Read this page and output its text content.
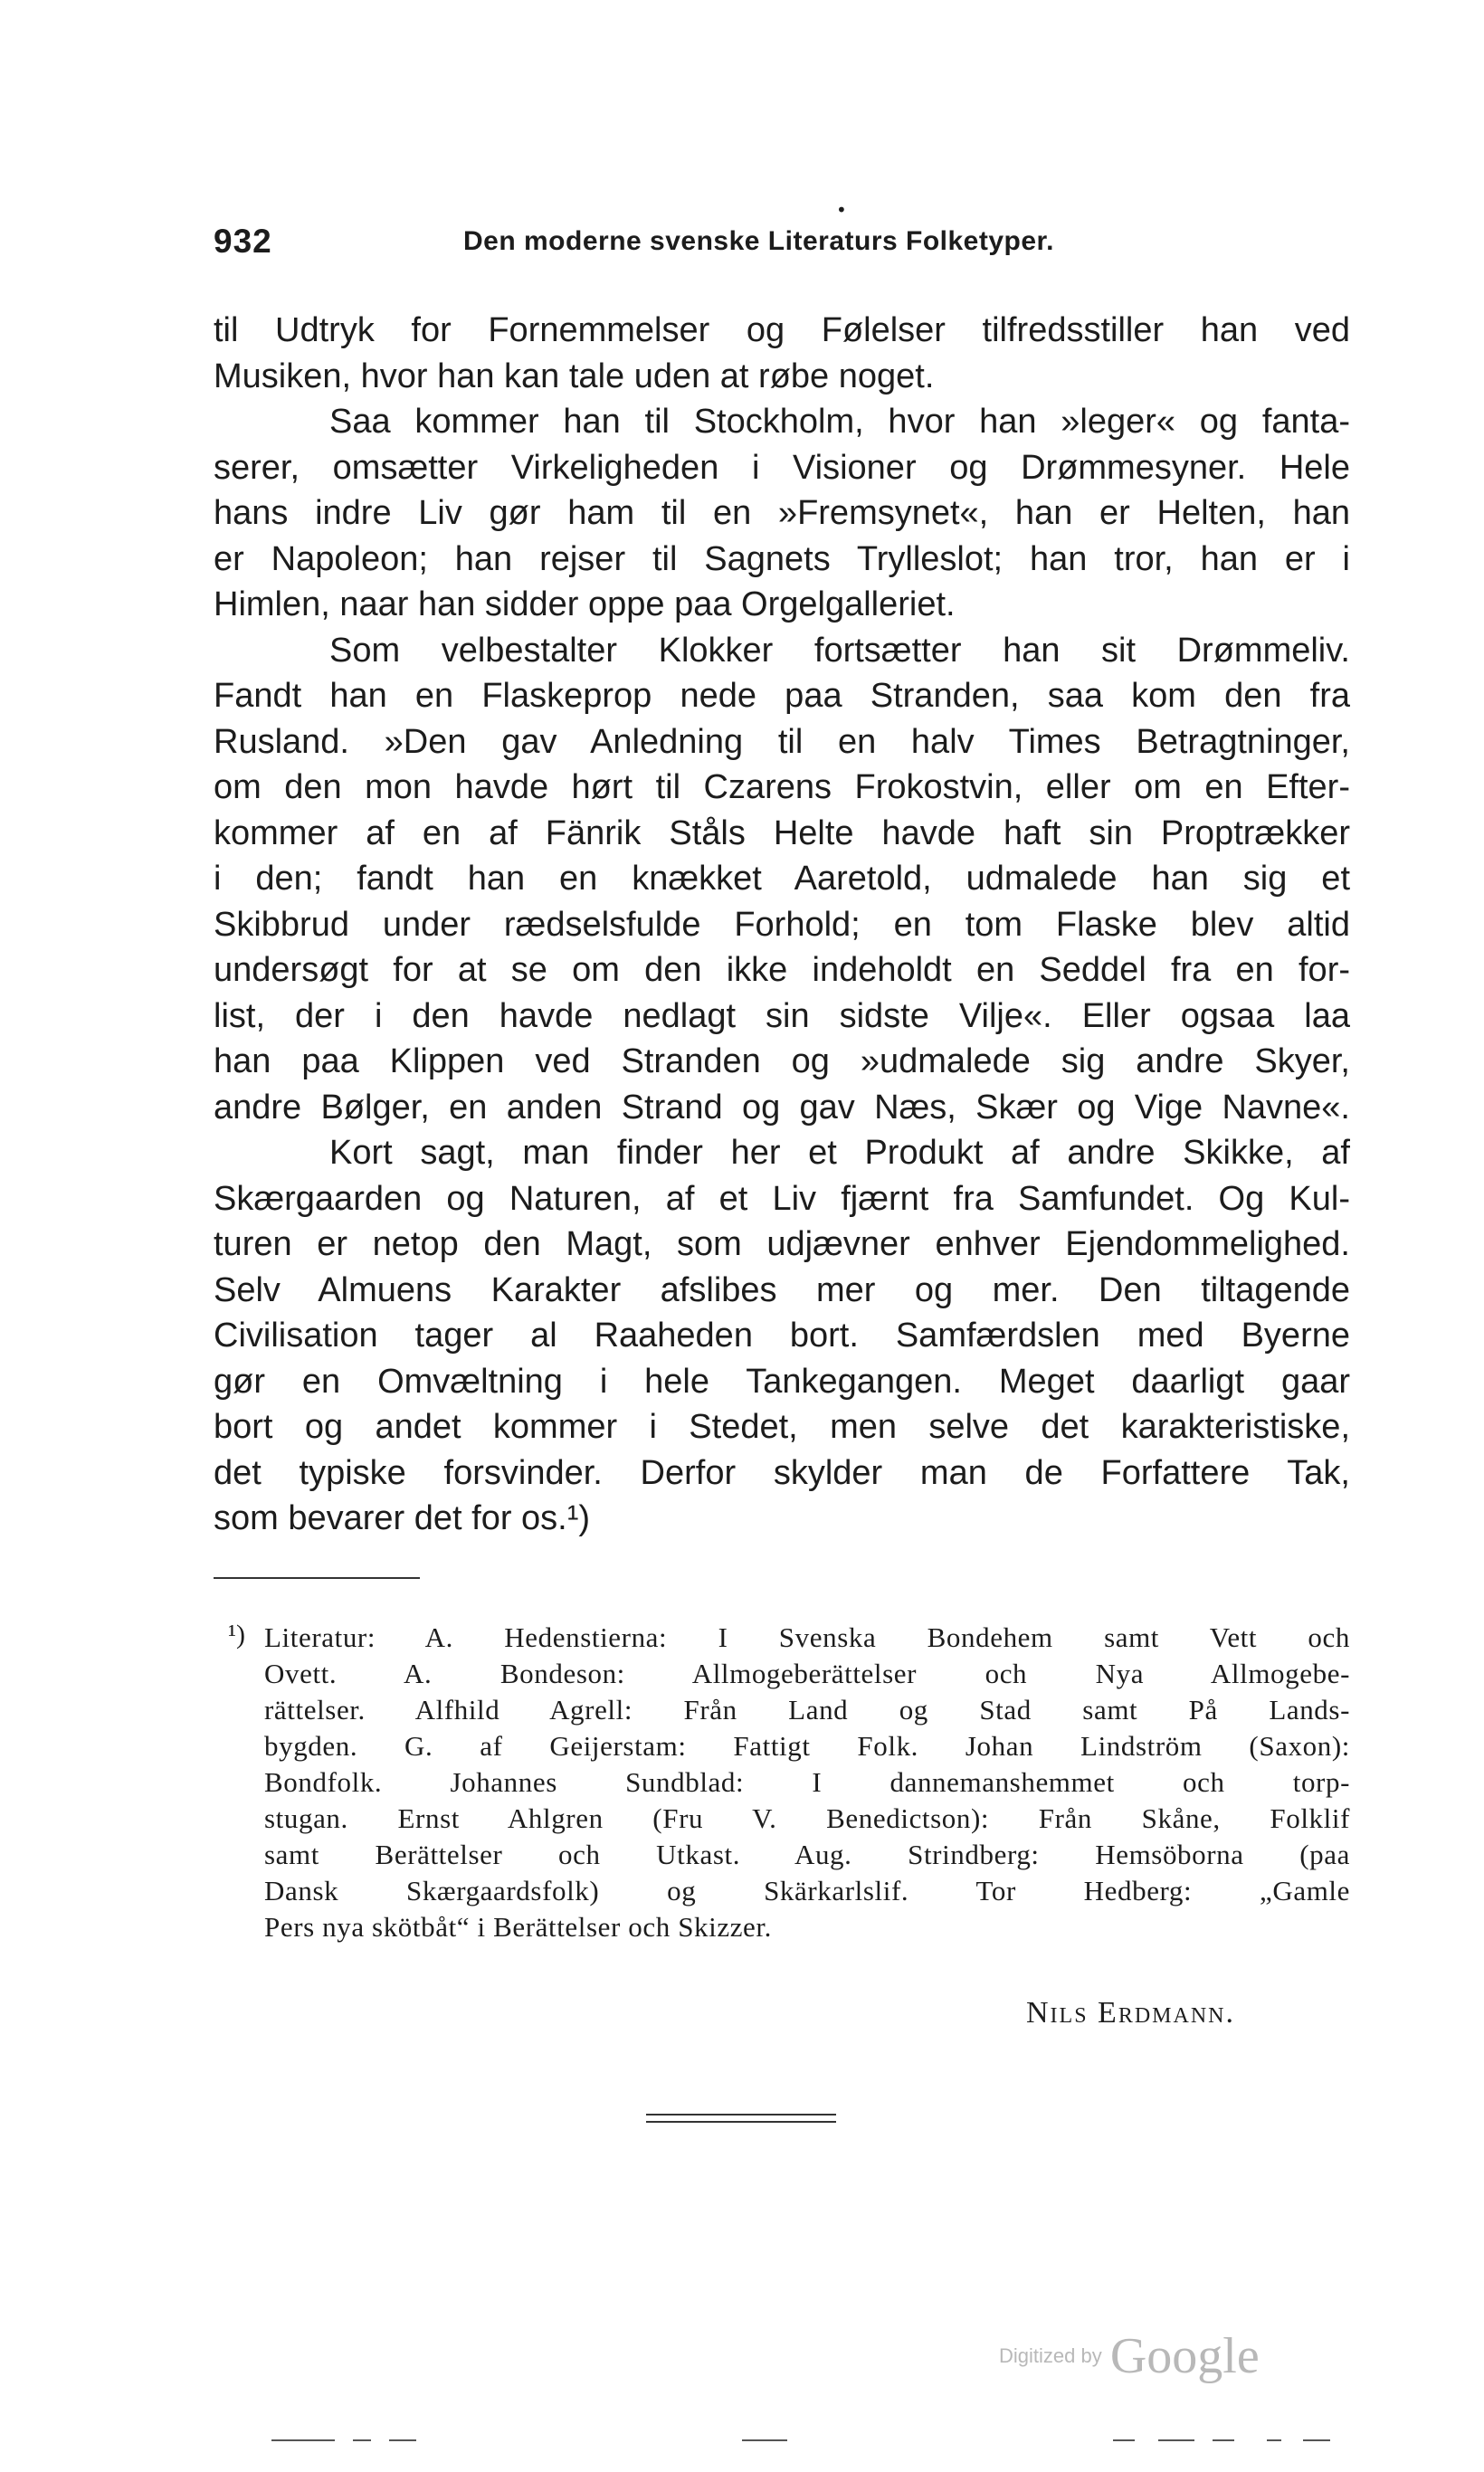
932
•
Den moderne svenske Literaturs Folketyper.
til Udtryk for Fornemmelser og Følelser tilfredsstiller han ved
Musiken, hvor han kan tale uden at røbe noget.
Saa kommer han til Stockholm, hvor han »leger« og fanta-
serer, omsætter Virkeligheden i Visioner og Drømmesyner. Hele
hans indre Liv gør ham til en »Fremsynet«, han er Helten, han
er Napoleon; han rejser til Sagnets Trylleslot; han tror, han er i
Himlen, naar han sidder oppe paa Orgelgalleriet.
Som velbestalter Klokker fortsætter han sit Drømmeliv.
Fandt han en Flaskeprop nede paa Stranden, saa kom den fra
Rusland. »Den gav Anledning til en halv Times Betragtninger,
om den mon havde hørt til Czarens Frokostvin, eller om en Efter-
kommer af en af Fänrik Ståls Helte havde haft sin Proptrækker
i den; fandt han en knækket Aaretold, udmalede han sig et
Skibbrud under rædselsfulde Forhold; en tom Flaske blev altid
undersøgt for at se om den ikke indeholdt en Seddel fra en for-
list, der i den havde nedlagt sin sidste Vilje«. Eller ogsaa laa
han paa Klippen ved Stranden og »udmalede sig andre Skyer,
andre Bølger, en anden Strand og gav Næs, Skær og Vige Navne«.
Kort sagt, man finder her et Produkt af andre Skikke, af
Skærgaarden og Naturen, af et Liv fjærnt fra Samfundet. Og Kul-
turen er netop den Magt, som udjævner enhver Ejendommelighed.
Selv Almuens Karakter afslibes mer og mer. Den tiltagende
Civilisation tager al Raaheden bort. Samfærdslen med Byerne
gør en Omvæltning i hele Tankegangen. Meget daarligt gaar
bort og andet kommer i Stedet, men selve det karakteristiske,
det typiske forsvinder. Derfor skylder man de Forfattere Tak,
som bevarer det for os.¹)
¹) Literatur: A. Hedenstierna: I Svenska Bondehem samt Vett och
Ovett. A. Bondeson: Allmogeberättelser och Nya Allmogebe-
rättelser. Alfhild Agrell: Från Land og Stad samt På Lands-
bygden. G. af Geijerstam: Fattigt Folk. Johan Lindström (Saxon):
Bondfolk. Johannes Sundblad: I dannemanshemmet och torp-
stugan. Ernst Ahlgren (Fru V. Benedictson): Från Skåne, Folklif
samt Berättelser och Utkast. Aug. Strindberg: Hemsöborna (paa
Dansk Skærgaardsfolk) og Skärkarlslif. Tor Hedberg: „Gamle
Pers nya skötbåt“ i Berättelser och Skizzer.
Nils Erdmann.
Digitized by Google
